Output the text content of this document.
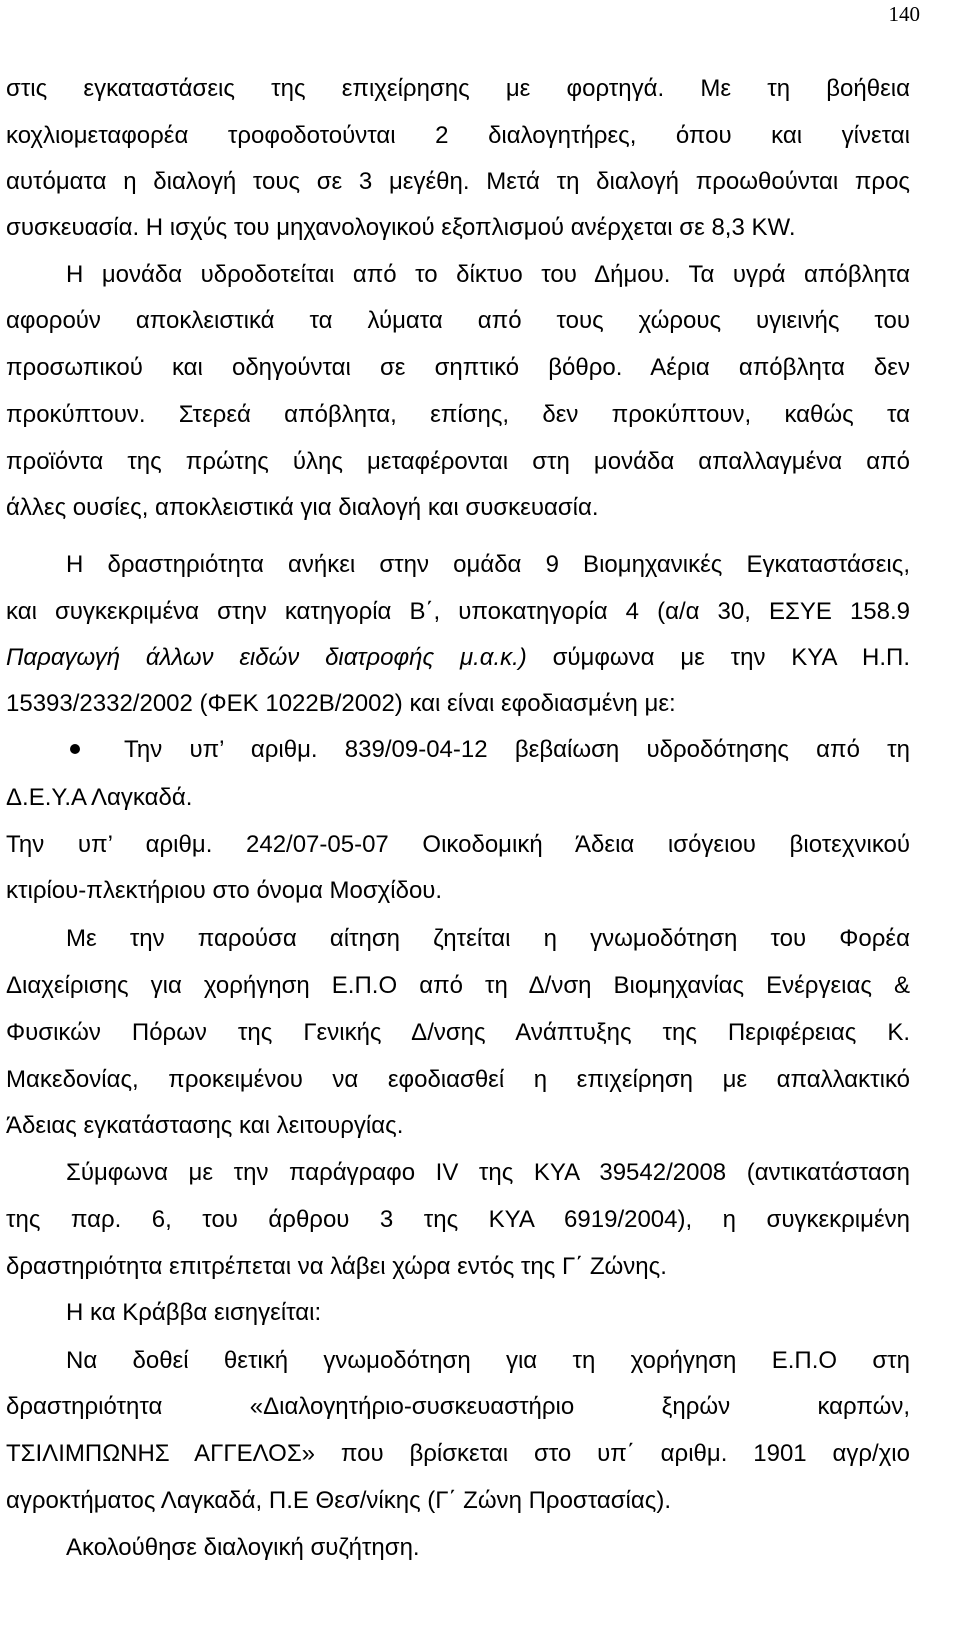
140

στις εγκαταστάσεις της επιχείρησης με φορτηγά. Με τη βοήθεια

κοχλιομεταφορέα τροφοδοτούνται 2 διαλογητήρες, όπου και γίνεται

αυτόματα η διαλογή τους σε 3 μεγέθη. Μετά τη διαλογή προωθούνται προς

συσκευασία. Η ισχύς του μηχανολογικού εξοπλισμού ανέρχεται σε 8,3 KW.

Η μονάδα υδροδοτείται από το δίκτυο του Δήμου. Τα υγρά απόβλητα

αφορούν αποκλειστικά τα λύματα από τους χώρους υγιεινής του

προσωπικού και οδηγούνται σε σηπτικό βόθρο. Αέρια απόβλητα δεν

προκύπτουν. Στερεά απόβλητα, επίσης, δεν προκύπτουν, καθώς τα

προϊόντα της πρώτης ύλης μεταφέρονται στη μονάδα απαλλαγμένα από

άλλες ουσίες, αποκλειστικά για διαλογή και συσκευασία.

Η δραστηριότητα ανήκει στην ομάδα 9 Βιομηχανικές Εγκαταστάσεις,

και συγκεκριμένα στην κατηγορία Β΄, υποκατηγορία 4 (α/α 30, ΕΣΥΕ 158.9

Παραγωγή άλλων ειδών διατροφής μ.α.κ.) σύμφωνα με την ΚΥΑ Η.Π.

15393/2332/2002 (ΦΕΚ 1022Β/2002) και είναι εφοδιασμένη με:

Την υπ’ αριθμ. 839/09-04-12 βεβαίωση υδροδότησης από τη

Δ.Ε.Υ.Α Λαγκαδά.

Την υπ’ αριθμ. 242/07-05-07 Οικοδομική Άδεια ισόγειου βιοτεχνικού

κτιρίου-πλεκτήριου στο όνομα Μοσχίδου.

Με την παρούσα αίτηση ζητείται η γνωμοδότηση του Φορέα

Διαχείρισης για χορήγηση Ε.Π.Ο από τη Δ/νση Βιομηχανίας Ενέργειας &

Φυσικών Πόρων της Γενικής Δ/νσης Ανάπτυξης της Περιφέρειας Κ.

Μακεδονίας, προκειμένου να εφοδιασθεί η επιχείρηση με απαλλακτικό

Άδειας εγκατάστασης και λειτουργίας.

Σύμφωνα με την παράγραφο IV της ΚΥΑ 39542/2008 (αντικατάσταση

της παρ. 6, του άρθρου 3 της ΚΥΑ 6919/2004), η συγκεκριμένη

δραστηριότητα επιτρέπεται να λάβει χώρα εντός της Γ΄ Ζώνης.

Η κα Κράββα εισηγείται:

Να δοθεί θετική γνωμοδότηση για τη χορήγηση Ε.Π.Ο στη

δραστηριότητα «Διαλογητήριο-συσκευαστήριο ξηρών καρπών,

ΤΣΙΛΙΜΠΩΝΗΣ ΑΓΓΕΛΟΣ» που βρίσκεται στο υπ΄ αριθμ. 1901 αγρ/χιο

αγροκτήματος Λαγκαδά, Π.Ε Θεσ/νίκης (Γ΄ Ζώνη Προστασίας).

Ακολούθησε διαλογική συζήτηση.
